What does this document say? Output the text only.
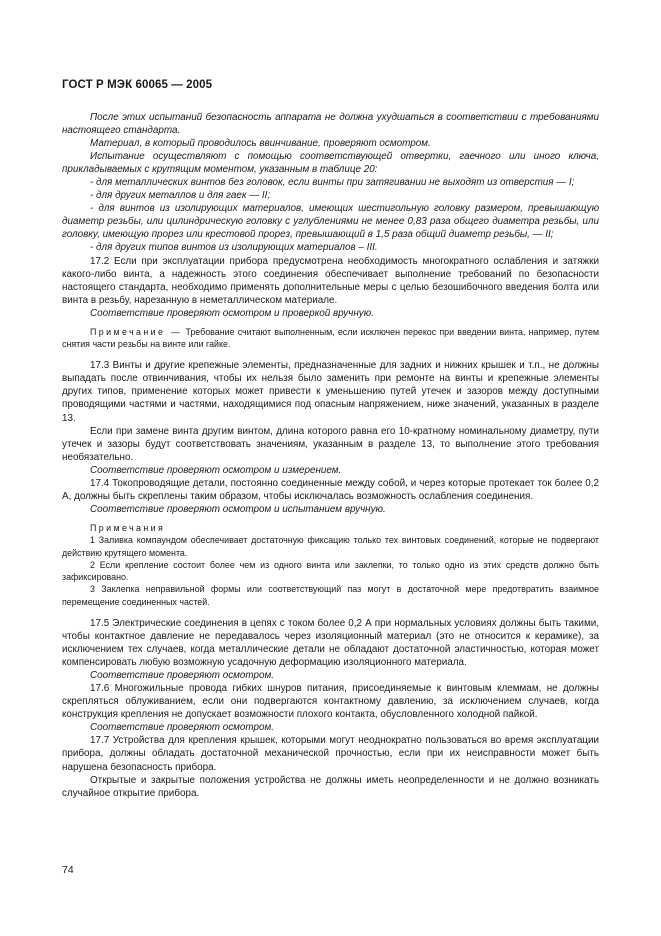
ГОСТ Р МЭК 60065 — 2005

После этих испытаний безопасность аппарата не должна ухудшаться в соответствии с требованиями настоящего стандарта.

Материал, в который проводилось ввинчивание, проверяют осмотром.

Испытание осуществляют с помощью соответствующей отвертки, гаечного или иного ключа, прикладываемых с крутящим моментом, указанным в таблице 20:

- для металлических винтов без головок, если винты при затягивании не выходят из отверстия — I;

- для других металлов и для гаек — II;

- для винтов из изолирующих материалов, имеющих шестигольную головку размером, превышающую диаметр резьбы, или цилиндрическую головку с углублениями не менее 0,83 раза общего диаметра резьбы, или головку, имеющую прорез или крестовой прорез, превышающий в 1,5 раза общий диаметр резьбы, — II;

- для других типов винтов из изолирующих материалов – III.

17.2 Если при эксплуатации прибора предусмотрена необходимость многократного ослабления и затяжки какого-либо винта, а надежность этого соединения обеспечивает выполнение требований по безопасности настоящего стандарта, необходимо применять дополнительные меры с целью безошибочного введения болта или винта в резьбу, нарезанную в неметаллическом материале.

Соответствие проверяют осмотром и проверкой вручную.

Примечание — Требование считают выполненным, если исключен перекос при введении винта, например, путем снятия части резьбы на винте или гайке.

17.3 Винты и другие крепежные элементы, предназначенные для задних и нижних крышек и т.п., не должны выпадать после отвинчивания, чтобы их нельзя было заменить при ремонте на винты и крепежные элементы других типов, применение которых может привести к уменьшению путей утечек и зазоров между доступными проводящими частями и частями, находящимися под опасным напряжением, ниже значений, указанных в разделе 13.

Если при замене винта другим винтом, длина которого равна его 10-кратному номинальному диаметру, пути утечек и зазоры будут соответствовать значениям, указанным в разделе 13, то выполнение этого требования необязательно.

Соответствие проверяют осмотром и измерением.

17.4 Токопроводящие детали, постоянно соединенные между собой, и через которые протекает ток более 0,2 А, должны быть скреплены таким образом, чтобы исключалась возможность ослабления соединения.

Соответствие проверяют осмотром и испытанием вручную.

Примечания

1 Заливка компаундом обеспечивает достаточную фиксацию только тех винтовых соединений, которые не подвергают действию крутящего момента.

2 Если крепление состоит более чем из одного винта или заклепки, то только одно из этих средств должно быть зафиксировано.

3 Заклепка неправильной формы или соответствующий паз могут в достаточной мере предотвратить взаимное перемещение соединенных частей.

17.5 Электрические соединения в цепях с током более 0,2 А при нормальных условиях должны быть такими, чтобы контактное давление не передавалось через изоляционный материал (это не относится к керамике), за исключением тех случаев, когда металлические детали не обладают достаточной эластичностью, которая может компенсировать любую возможную усадочную деформацию изоляционного материала.

Соответствие проверяют осмотром.

17.6 Многожильные провода гибких шнуров питания, присоединяемые к винтовым клеммам, не должны скрепляться облуживанием, если они подвергаются контактному давлению, за исключением случаев, когда конструкция крепления не допускает возможности плохого контакта, обусловленного холодной пайкой.

Соответствие проверяют осмотром.

17.7 Устройства для крепления крышек, которыми могут неоднократно пользоваться во время эксплуатации прибора, должны обладать достаточной механической прочностью, если при их неисправности может быть нарушена безопасность прибора.

Открытые и закрытые положения устройства не должны иметь неопределенности и не должно возникать случайное открытие прибора.

74
